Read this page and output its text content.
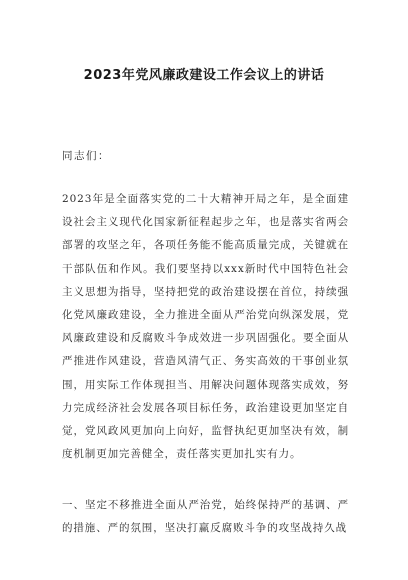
2023年党风廉政建设工作会议上的讲话
同志们：

2023年是全面落实党的二十大精神开局之年，是全面建设社会主义现代化国家新征程起步之年，也是落实省两会部署的攻坚之年，各项任务能不能高质量完成，关键就在干部队伍和作风。我们要坚持以xxx新时代中国特色社会主义思想为指导，坚持把党的政治建设摆在首位，持续强化党风廉政建设，全力推进全面从严治党向纵深发展，党风廉政建设和反腐败斗争成效进一步巩固强化。要全面从严推进作风建设，营造风清气正、务实高效的干事创业氛围，用实际工作体现担当、用解决问题体现落实成效，努力完成经济社会发展各项目标任务，政治建设更加坚定自觉，党风政风更加向上向好，监督执纪更加坚决有效，制度机制更加完善健全，责任落实更加扎实有力。

一、坚定不移推进全面从严治党，始终保持严的基调、严的措施、严的氛围，坚决打赢反腐败斗争的攻坚战持久战
